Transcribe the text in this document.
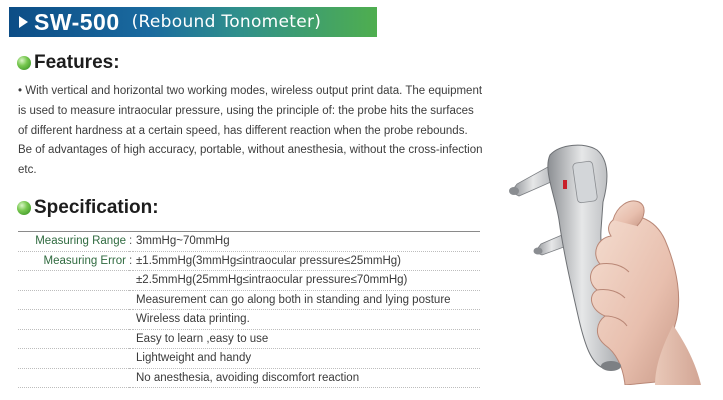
SW-500 (Rebound Tonometer)
Features:

• With vertical and horizontal two working modes, wireless output print data. The equipment

is used to measure intraocular pressure, using the principle of: the probe hits the surfaces

of different hardness at a certain speed, has different reaction when the probe rebounds.

Be of advantages of high accuracy, portable, without anesthesia, without the cross-infection

etc.

Specification:
Measuring Range	:	3mmHg~70mmHg
Measuring Error	:	±1.5mmHg(3mmHg≤intraocular pressure≤25mmHg)
		±2.5mmHg(25mmHg≤intraocular pressure≤70mmHg)
		Measurement can go along both in standing and lying posture
		Wireless data printing.
		Easy to learn ,easy to use
		Lightweight and handy
		No anesthesia, avoiding discomfort reaction
